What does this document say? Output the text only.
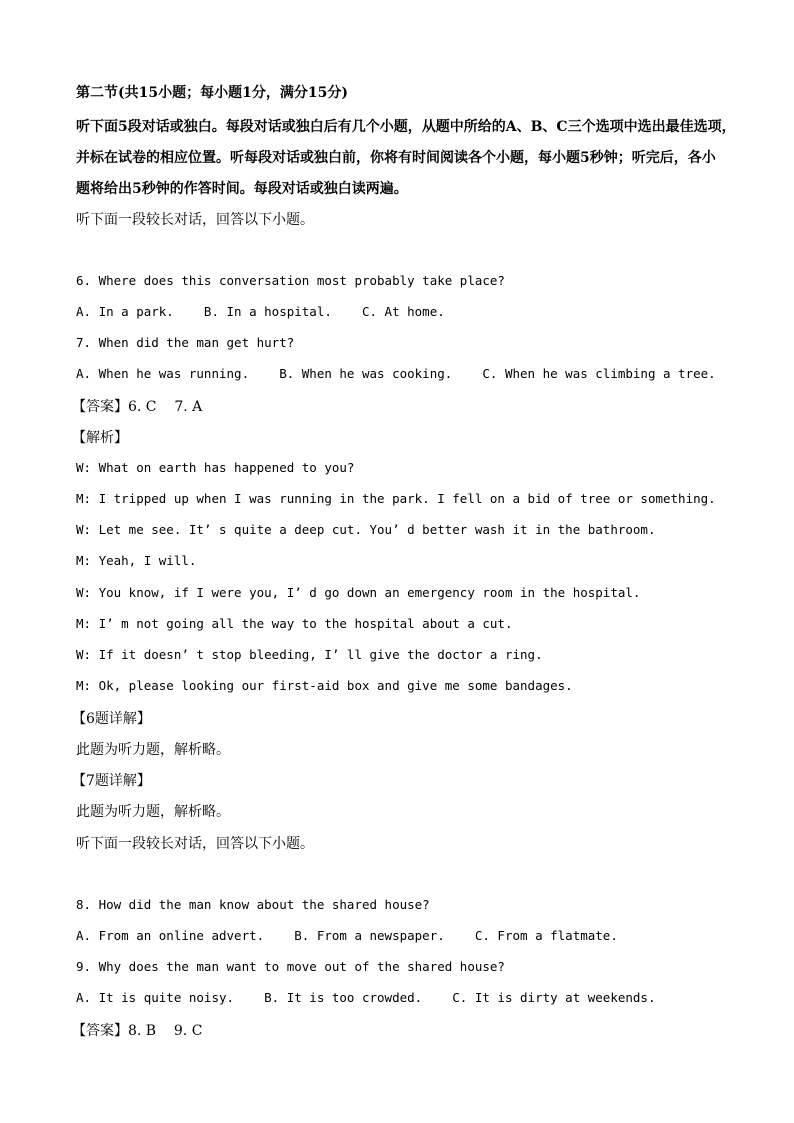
第二节(共15小题；每小题1分，满分15分)
听下面5段对话或独白。每段对话或独白后有几个小题，从题中所给的A、B、C三个选项中选出最佳选项，
并标在试卷的相应位置。听每段对话或独白前，你将有时间阅读各个小题，每小题5秒钟；听完后，各小
题将给出5秒钟的作答时间。每段对话或独白读两遍。
听下面一段较长对话，回答以下小题。
6. Where does this conversation most probably take place?
A. In a park.    B. In a hospital.    C. At home.
7. When did the man get hurt?
A. When he was running.    B. When he was cooking.    C. When he was climbing a tree.
【答案】6. C    7. A
【解析】
W: What on earth has happened to you?
M: I tripped up when I was running in the park. I fell on a bid of tree or something.
W: Let me see. It’ s quite a deep cut. You’ d better wash it in the bathroom.
M: Yeah, I will.
W: You know, if I were you, I’ d go down an emergency room in the hospital.
M: I’ m not going all the way to the hospital about a cut.
W: If it doesn’ t stop bleeding, I’ ll give the doctor a ring.
M: Ok, please looking our first-aid box and give me some bandages.
【6题详解】
此题为听力题，解析略。
【7题详解】
此题为听力题，解析略。
听下面一段较长对话，回答以下小题。
8. How did the man know about the shared house?
A. From an online advert.    B. From a newspaper.    C. From a flatmate.
9. Why does the man want to move out of the shared house?
A. It is quite noisy.    B. It is too crowded.    C. It is dirty at weekends.
【答案】8. B    9. C
